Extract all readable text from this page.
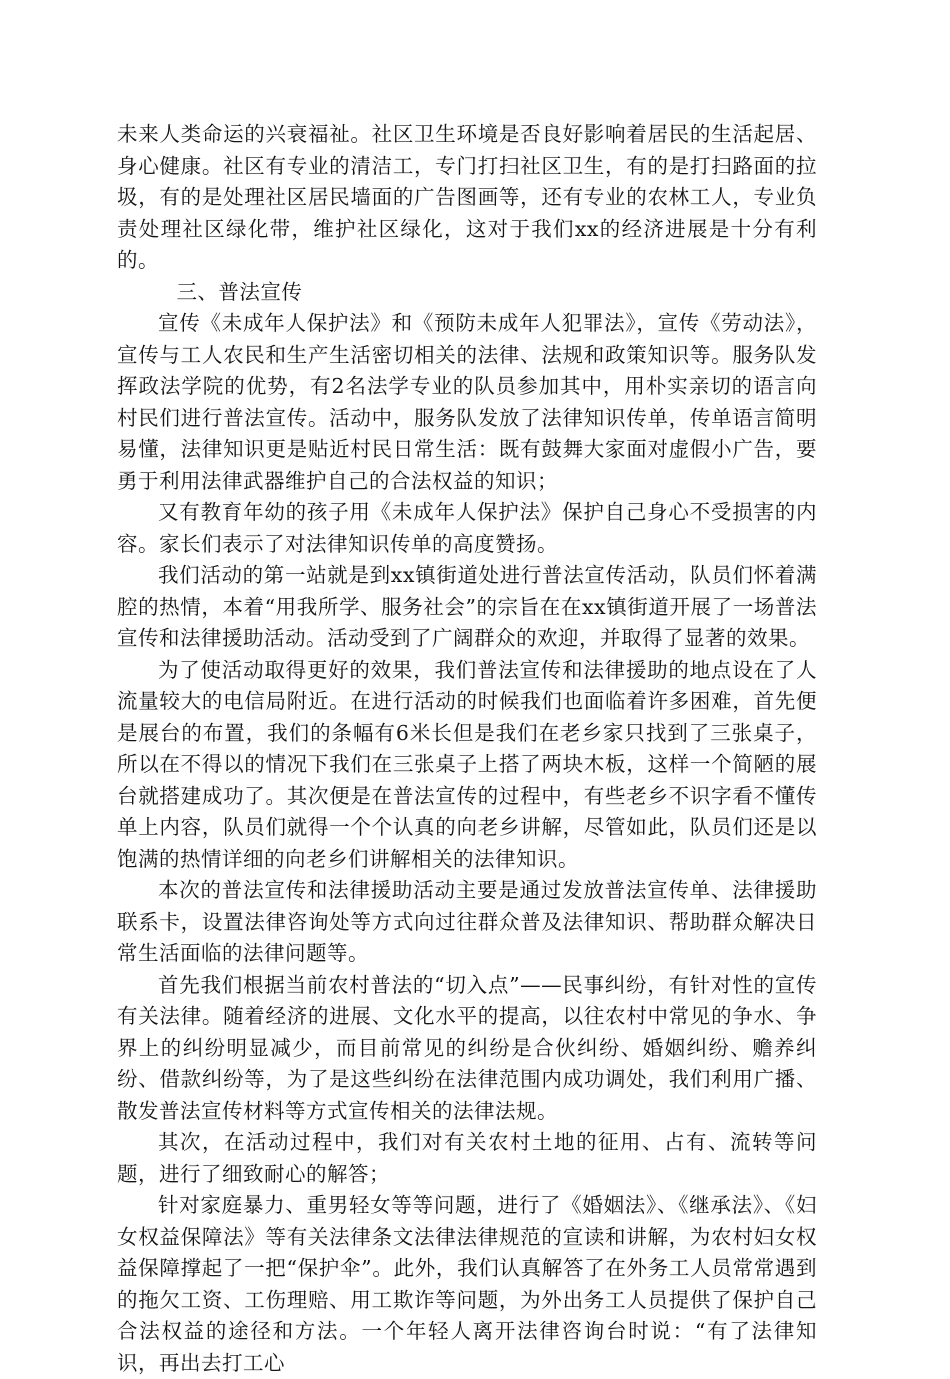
未来人类命运的兴衰福祉。社区卫生环境是否良好影响着居民的生活起居、身心健康。社区有专业的清洁工，专门打扫社区卫生，有的是打扫路面的拉圾，有的是处理社区居民墙面的广告图画等，还有专业的农林工人，专业负责处理社区绿化带，维护社区绿化，这对于我们xx的经济进展是十分有利的。

三、普法宣传

宣传《未成年人保护法》和《预防未成年人犯罪法》，宣传《劳动法》，宣传与工人农民和生产生活密切相关的法律、法规和政策知识等。服务队发挥政法学院的优势，有2名法学专业的队员参加其中，用朴实亲切的语言向村民们进行普法宣传。活动中，服务队发放了法律知识传单，传单语言简明易懂，法律知识更是贴近村民日常生活：既有鼓舞大家面对虚假小广告，要勇于利用法律武器维护自己的合法权益的知识；

又有教育年幼的孩子用《未成年人保护法》保护自己身心不受损害的内容。家长们表示了对法律知识传单的高度赞扬。

我们活动的第一站就是到xx镇街道处进行普法宣传活动，队员们怀着满腔的热情，本着“用我所学、服务社会”的宗旨在在xx镇街道开展了一场普法宣传和法律援助活动。活动受到了广阔群众的欢迎，并取得了显著的效果。

为了使活动取得更好的效果，我们普法宣传和法律援助的地点设在了人流量较大的电信局附近。在进行活动的时候我们也面临着许多困难，首先便是展台的布置，我们的条幅有6米长但是我们在老乡家只找到了三张桌子，所以在不得以的情况下我们在三张桌子上搭了两块木板，这样一个简陋的展台就搭建成功了。其次便是在普法宣传的过程中，有些老乡不识字看不懂传单上内容，队员们就得一个个认真的向老乡讲解，尽管如此，队员们还是以饱满的热情详细的向老乡们讲解相关的法律知识。

本次的普法宣传和法律援助活动主要是通过发放普法宣传单、法律援助联系卡，设置法律咨询处等方式向过往群众普及法律知识、帮助群众解决日常生活面临的法律问题等。

首先我们根据当前农村普法的“切入点”——民事纠纷，有针对性的宣传有关法律。随着经济的进展、文化水平的提高，以往农村中常见的争水、争界上的纠纷明显减少，而目前常见的纠纷是合伙纠纷、婚姻纠纷、赡养纠纷、借款纠纷等，为了是这些纠纷在法律范围内成功调处，我们利用广播、散发普法宣传材料等方式宣传相关的法律法规。

其次，在活动过程中，我们对有关农村土地的征用、占有、流转等问题，进行了细致耐心的解答；

针对家庭暴力、重男轻女等等问题，进行了《婚姻法》、《继承法》、《妇女权益保障法》等有关法律条文法律法律规范的宣读和讲解，为农村妇女权益保障撑起了一把“保护伞”。此外，我们认真解答了在外务工人员常常遇到的拖欠工资、工伤理赔、用工欺诈等问题，为外出务工人员提供了保护自己合法权益的途径和方法。一个年轻人离开法律咨询台时说：“有了法律知识，再出去打工心
